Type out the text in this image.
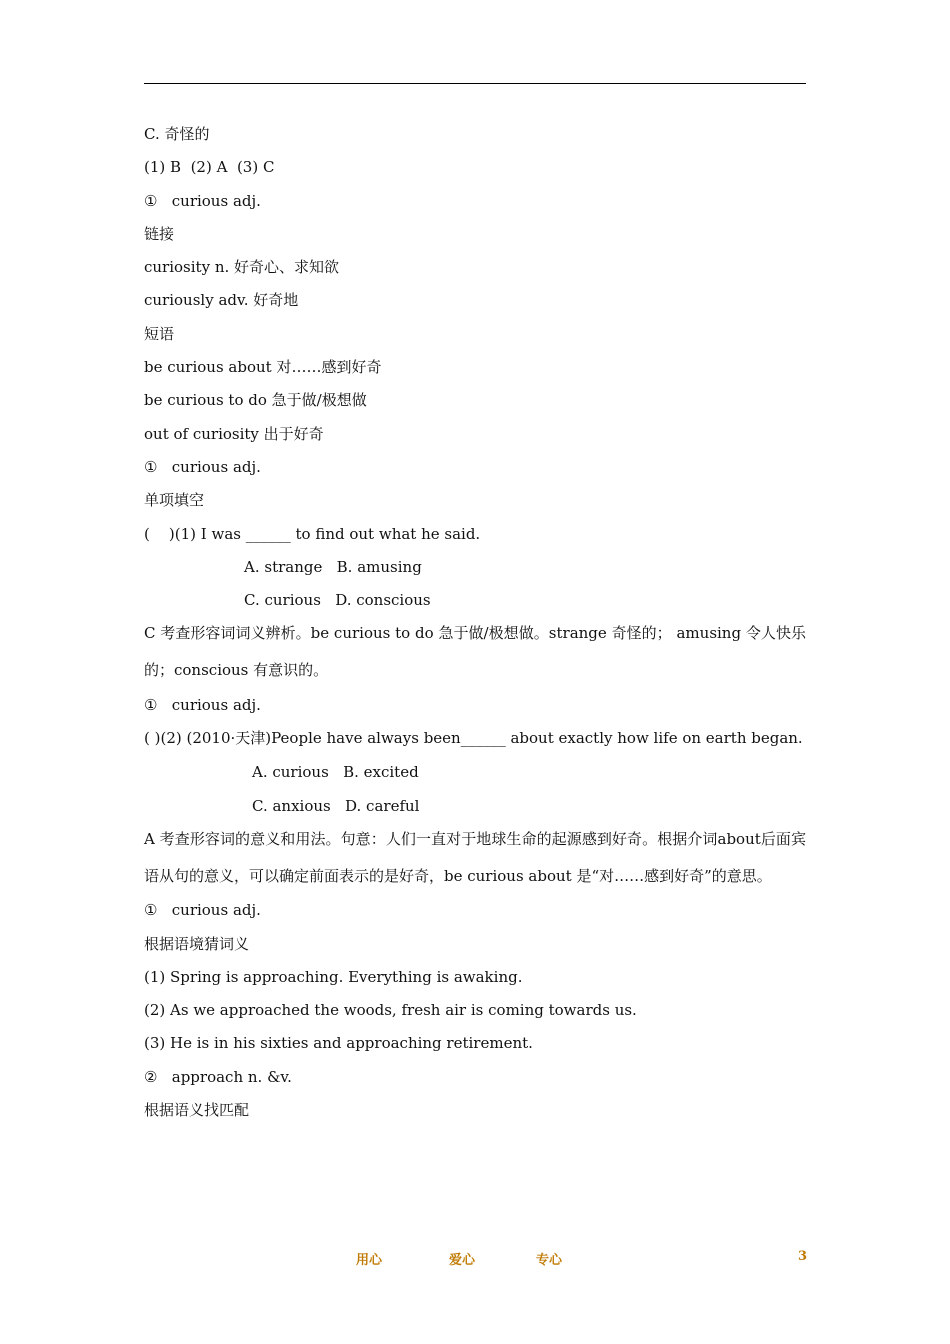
C. 奇怪的
(1) B  (2) A  (3) C
①   curious adj.
链接
curiosity n. 好奇心、求知欲
curiously adv. 好奇地
短语
be curious about 对……感到好奇
be curious to do 急于做/极想做
out of curiosity 出于好奇
①   curious adj.
单项填空
(    )(1) I was ______ to find out what he said.
A. strange   B. amusing
C. curious   D. conscious
C 考查形容词词义辨析。be curious to do 急于做/极想做。strange 奇怪的； amusing 令人快乐的；conscious 有意识的。
①   curious adj.
( )(2) (2010·天津)People have always been______ about exactly how life on earth began.
A. curious   B. excited
C. anxious   D. careful
A 考查形容词的意义和用法。句意：人们一直对于地球生命的起源感到好奇。根据介词about后面宾语从句的意义，可以确定前面表示的是好奇，be curious about 是“对……感到好奇”的意思。
①   curious adj.
根据语境猜词义
(1) Spring is approaching. Everything is awaking.
(2) As we approached the woods, fresh air is coming towards us.
(3) He is in his sixties and approaching retirement.
②   approach n. &v.
根据语义找匹配
用心	爱心	专心	3
